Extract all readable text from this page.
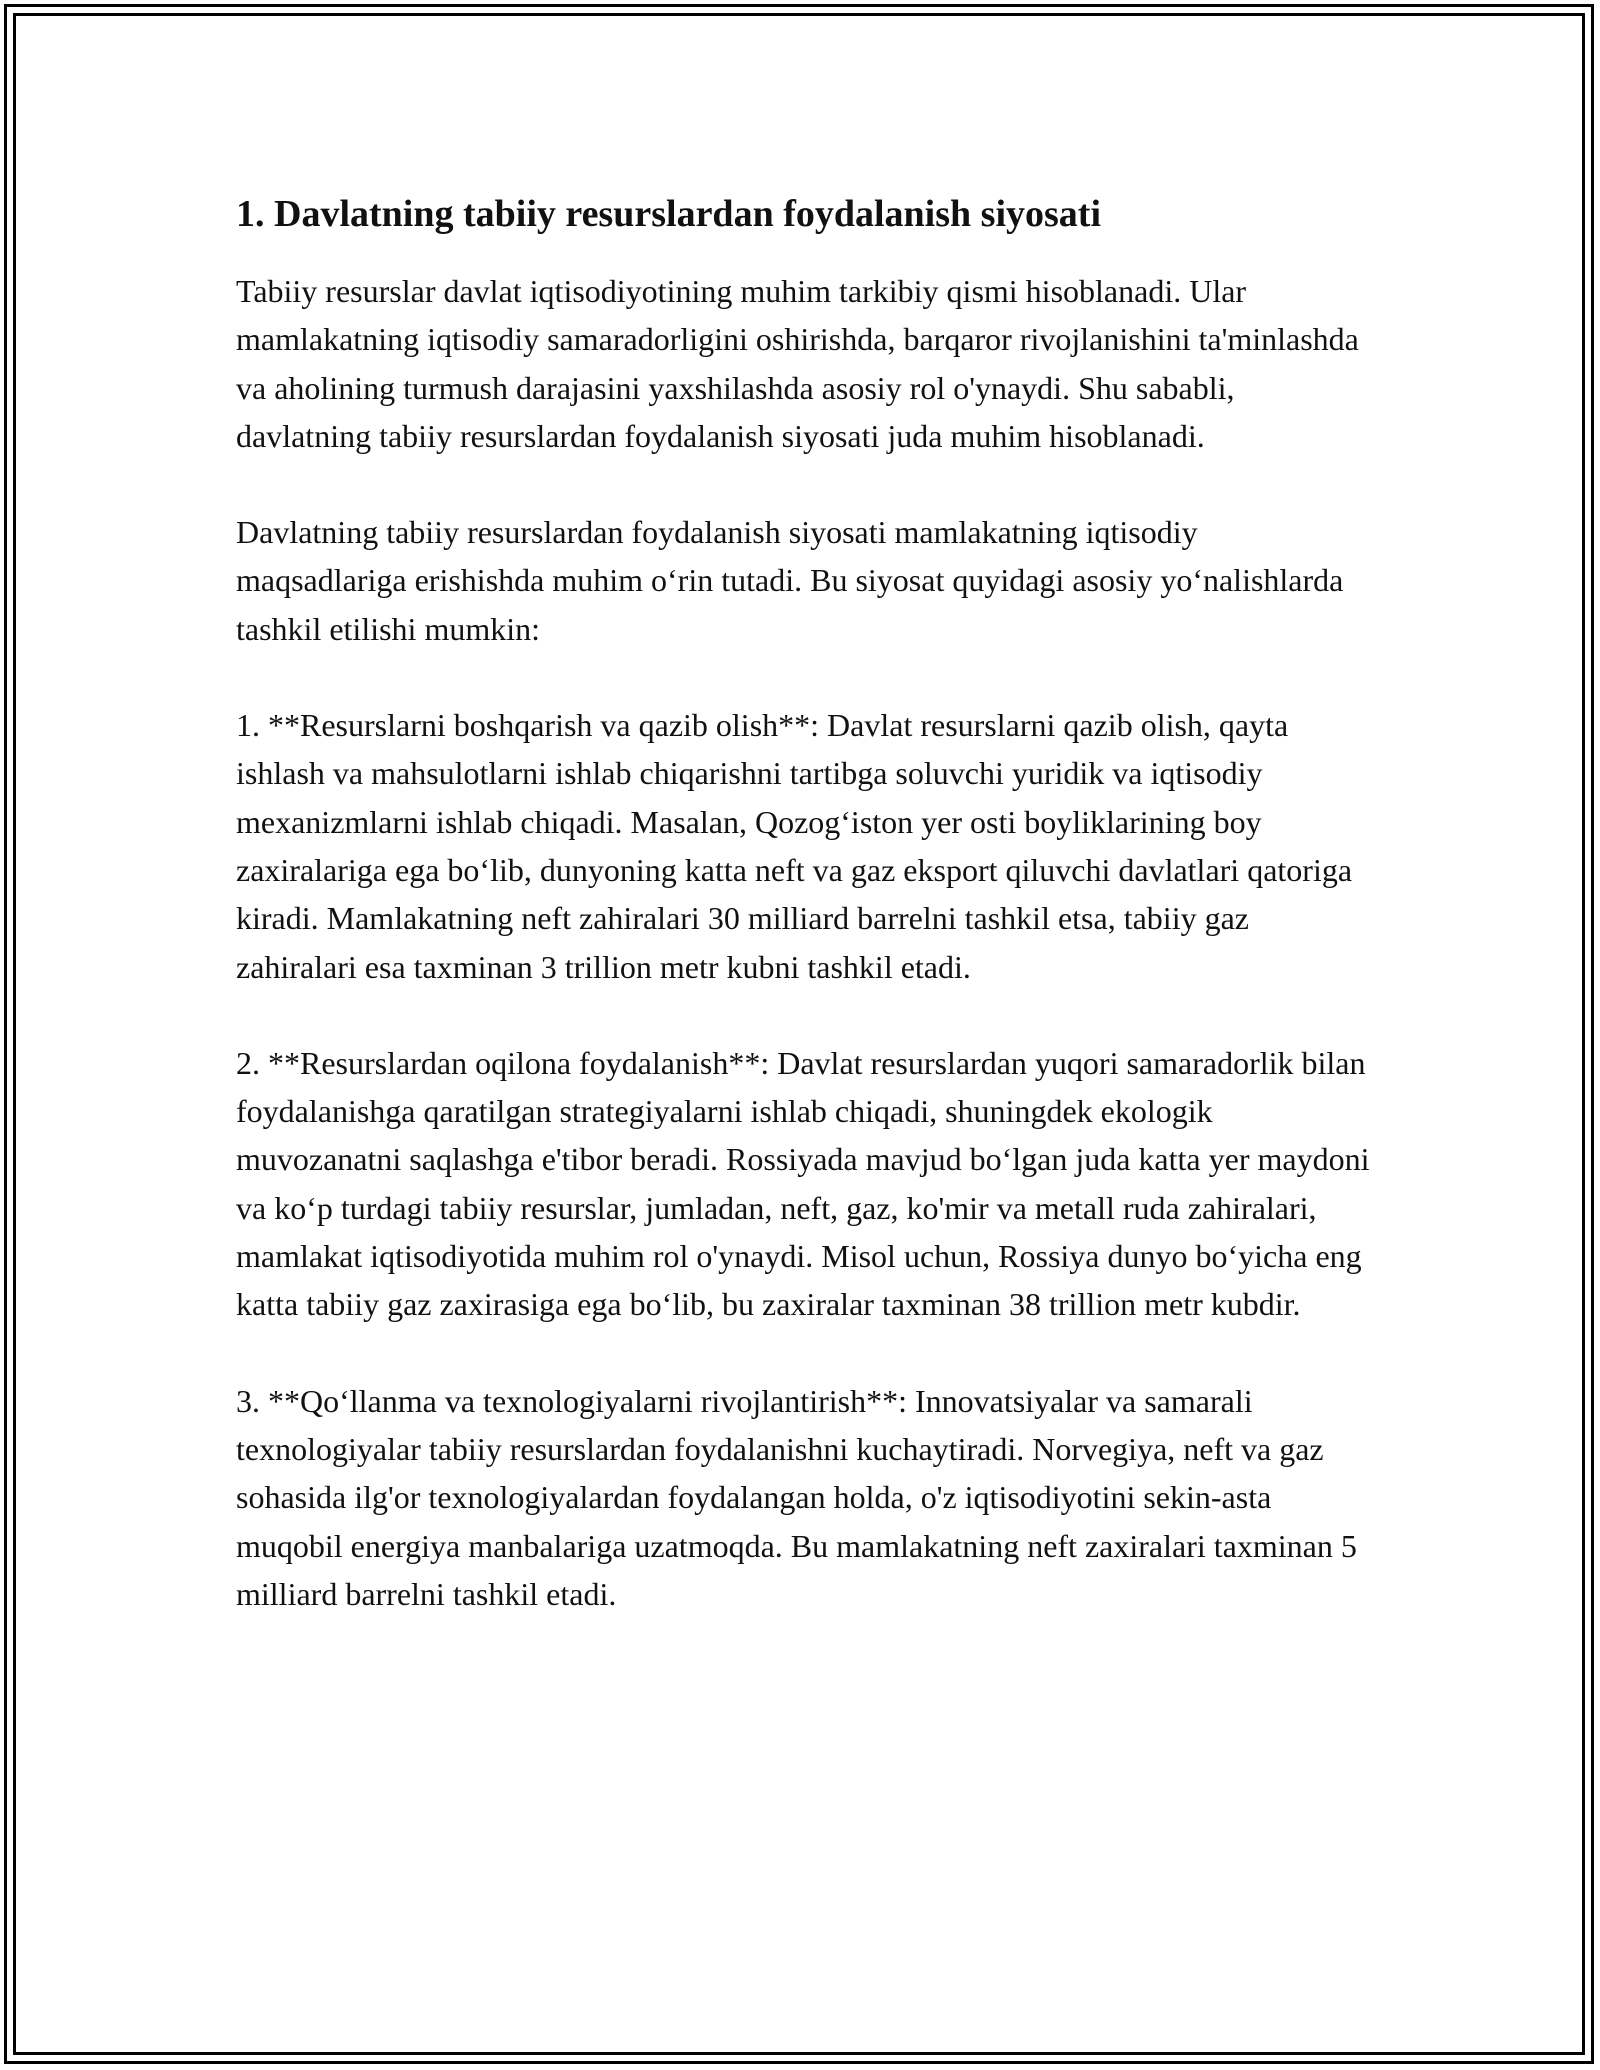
1. Davlatning tabiiy resurslardan foydalanish siyosati

Tabiiy resurslar davlat iqtisodiyotining muhim tarkibiy qismi hisoblanadi. Ular mamlakatning iqtisodiy samaradorligini oshirishda, barqaror rivojlanishini ta'minlashda va aholining turmush darajasini yaxshilashda asosiy rol o'ynaydi. Shu sababli, davlatning tabiiy resurslardan foydalanish siyosati juda muhim hisoblanadi.

Davlatning tabiiy resurslardan foydalanish siyosati mamlakatning iqtisodiy maqsadlariga erishishda muhim o‘rin tutadi. Bu siyosat quyidagi asosiy yo‘nalishlarda tashkil etilishi mumkin:

1. **Resurslarni boshqarish va qazib olish**: Davlat resurslarni qazib olish, qayta ishlash va mahsulotlarni ishlab chiqarishni tartibga soluvchi yuridik va iqtisodiy mexanizmlarni ishlab chiqadi. Masalan, Qozog‘iston yer osti boyliklarining boy zaxiralariga ega bo‘lib, dunyoning katta neft va gaz eksport qiluvchi davlatlari qatoriga kiradi. Mamlakatning neft zahiralari 30 milliard barrelni tashkil etsa, tabiiy gaz zahiralari esa taxminan 3 trillion metr kubni tashkil etadi.

2. **Resurslardan oqilona foydalanish**: Davlat resurslardan yuqori samaradorlik bilan foydalanishga qaratilgan strategiyalarni ishlab chiqadi, shuningdek ekologik muvozanatni saqlashga e'tibor beradi. Rossiyada mavjud bo‘lgan juda katta yer maydoni va ko‘p turdagi tabiiy resurslar, jumladan, neft, gaz, ko'mir va metall ruda zahiralari, mamlakat iqtisodiyotida muhim rol o'ynaydi. Misol uchun, Rossiya dunyo bo‘yicha eng katta tabiiy gaz zaxirasiga ega bo‘lib, bu zaxiralar taxminan 38 trillion metr kubdir.

3. **Qo‘llanma va texnologiyalarni rivojlantirish**: Innovatsiyalar va samarali texnologiyalar tabiiy resurslardan foydalanishni kuchaytiradi. Norvegiya, neft va gaz sohasida ilg'or texnologiyalardan foydalangan holda, o'z iqtisodiyotini sekin-asta muqobil energiya manbalariga uzatmoqda. Bu mamlakatning neft zaxiralari taxminan 5 milliard barrelni tashkil etadi.
